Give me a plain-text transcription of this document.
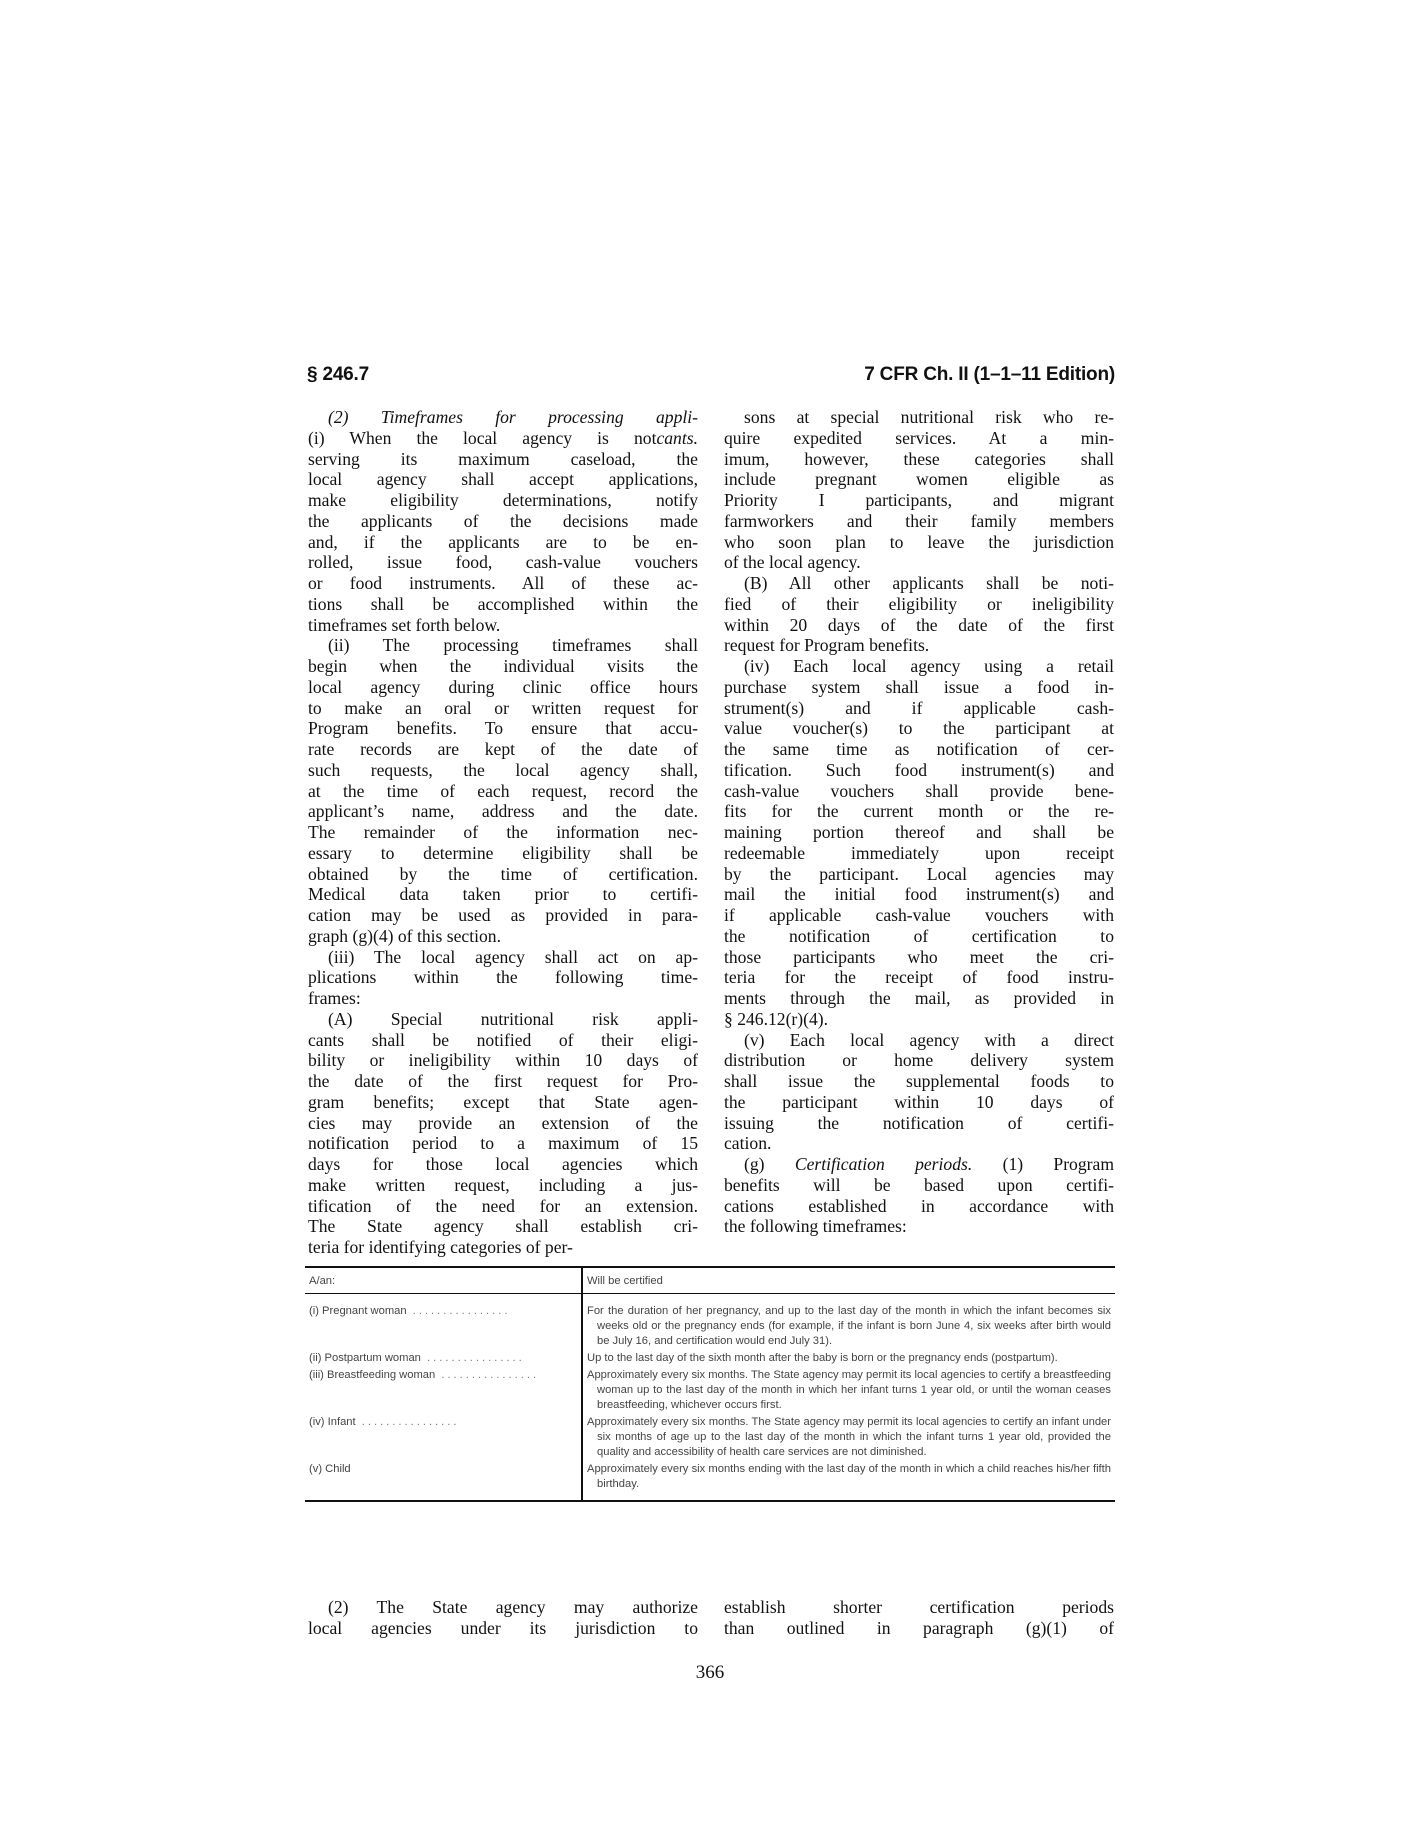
§ 246.7	7 CFR Ch. II (1–1–11 Edition)
(2) Timeframes for processing appli-
(i) When the local agency is notcants.
serving its maximum caseload, the
local agency shall accept applications,
make eligibility determinations, notify
the applicants of the decisions made
and, if the applicants are to be en-
rolled, issue food, cash-value vouchers
or food instruments. All of these ac-
tions shall be accomplished within the
timeframes set forth below.
(ii) The processing timeframes shall
begin when the individual visits the
local agency during clinic office hours
to make an oral or written request for
Program benefits. To ensure that accu-
rate records are kept of the date of
such requests, the local agency shall,
at the time of each request, record the
applicant’s name, address and the date.
The remainder of the information nec-
essary to determine eligibility shall be
obtained by the time of certification.
Medical data taken prior to certifi-
cation may be used as provided in para-
graph (g)(4) of this section.
(iii) The local agency shall act on ap-
plications within the following time-
frames:
(A) Special nutritional risk appli-
cants shall be notified of their eligi-
bility or ineligibility within 10 days of
the date of the first request for Pro-
gram benefits; except that State agen-
cies may provide an extension of the
notification period to a maximum of 15
days for those local agencies which
make written request, including a jus-
tification of the need for an extension.
The State agency shall establish cri-
teria for identifying categories of per-
sons at special nutritional risk who re-
quire expedited services. At a min-
imum, however, these categories shall
include pregnant women eligible as
Priority I participants, and migrant
farmworkers and their family members
who soon plan to leave the jurisdiction
of the local agency.
(B) All other applicants shall be noti-
fied of their eligibility or ineligibility
within 20 days of the date of the first
request for Program benefits.
(iv) Each local agency using a retail
purchase system shall issue a food in-
strument(s) and if applicable cash-
value voucher(s) to the participant at
the same time as notification of cer-
tification. Such food instrument(s) and
cash-value vouchers shall provide bene-
fits for the current month or the re-
maining portion thereof and shall be
redeemable immediately upon receipt
by the participant. Local agencies may
mail the initial food instrument(s) and
if applicable cash-value vouchers with
the notification of certification to
those participants who meet the cri-
teria for the receipt of food instru-
ments through the mail, as provided in
§ 246.12(r)(4).
(v) Each local agency with a direct
distribution or home delivery system
shall issue the supplemental foods to
the participant within 10 days of
issuing the notification of certifi-
cation.
(g) Certification periods. (1) Program
benefits will be based upon certifi-
cations established in accordance with
the following timeframes:
A/an:	Will be certified
(i) Pregnant woman ................	For the duration of her pregnancy, and up to the last day of the month in which the infant becomes six weeks old or the pregnancy ends (for example, if the infant is born June 4, six weeks after birth would be July 16, and certification would end July 31).

(ii) Postpartum woman ................	Up to the last day of the sixth month after the baby is born or the pregnancy ends (postpartum).

(iii) Breastfeeding woman ................	Approximately every six months. The State agency may permit its local agencies to certify a breastfeeding woman up to the last day of the month in which her infant turns 1 year old, or until the woman ceases breastfeeding, whichever occurs first.

(iv) Infant ................	Approximately every six months. The State agency may permit its local agencies to certify an infant under six months of age up to the last day of the month in which the infant turns 1 year old, provided the quality and accessibility of health care services are not diminished.

(v) Child	Approximately every six months ending with the last day of the month in which a child reaches his/her fifth birthday.
(2) The State agency may authorize
local agencies under its jurisdiction to
establish shorter certification periods
than outlined in paragraph (g)(1) of
366
